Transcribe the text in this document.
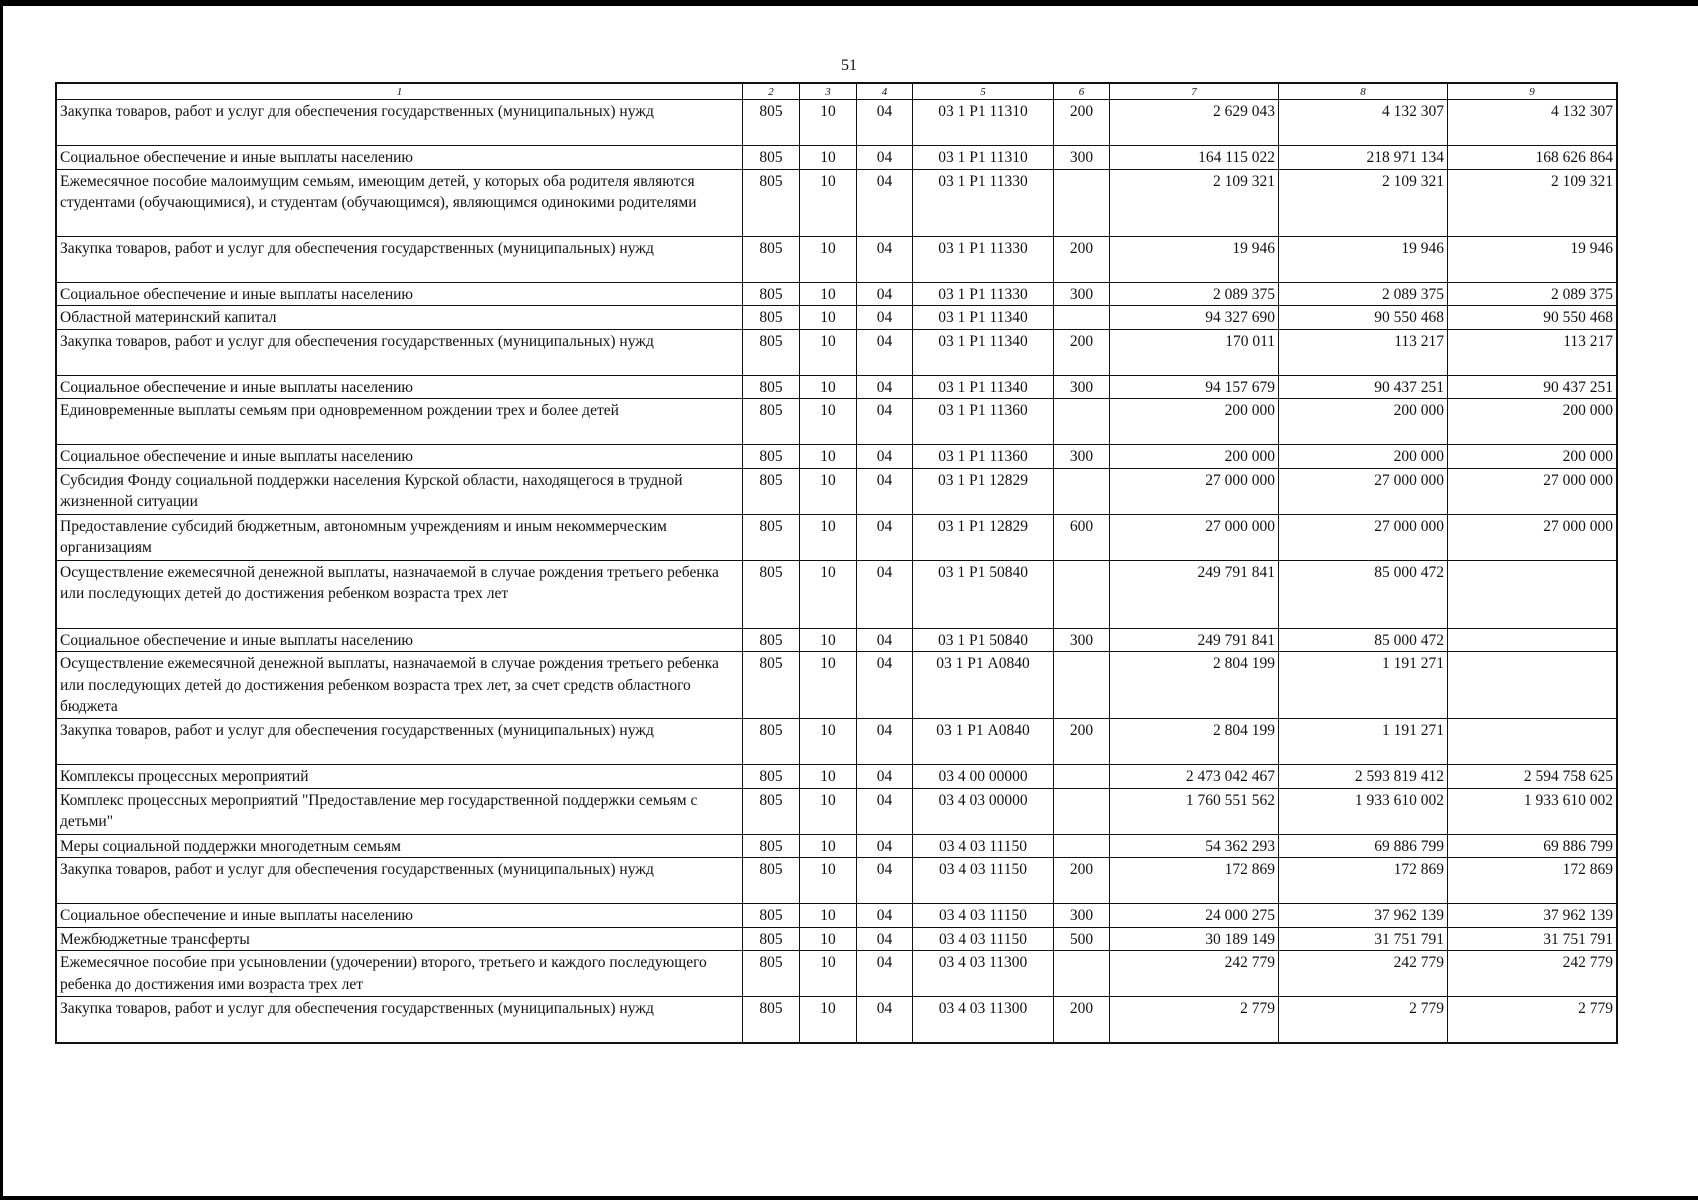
51
1	2	3	4	5	6	7	8	9
Закупка товаров, работ и услуг для обеспечения государственных (муниципальных) нужд	805	10	04	03 1 Р1 11310	200	2 629 043	4 132 307	4 132 307
Социальное обеспечение и иные выплаты населению	805	10	04	03 1 Р1 11310	300	164 115 022	218 971 134	168 626 864
Ежемесячное пособие малоимущим семьям, имеющим детей, у которых оба родителя являются студентами (обучающимися), и студентам (обучающимся), являющимся одинокими родителями	805	10	04	03 1 Р1 11330		2 109 321	2 109 321	2 109 321
Закупка товаров, работ и услуг для обеспечения государственных (муниципальных) нужд	805	10	04	03 1 Р1 11330	200	19 946	19 946	19 946
Социальное обеспечение и иные выплаты населению	805	10	04	03 1 Р1 11330	300	2 089 375	2 089 375	2 089 375
Областной материнский капитал	805	10	04	03 1 Р1 11340		94 327 690	90 550 468	90 550 468
Закупка товаров, работ и услуг для обеспечения государственных (муниципальных) нужд	805	10	04	03 1 Р1 11340	200	170 011	113 217	113 217
Социальное обеспечение и иные выплаты населению	805	10	04	03 1 Р1 11340	300	94 157 679	90 437 251	90 437 251
Единовременные выплаты семьям при одновременном рождении трех и более детей	805	10	04	03 1 Р1 11360		200 000	200 000	200 000
Социальное обеспечение и иные выплаты населению	805	10	04	03 1 Р1 11360	300	200 000	200 000	200 000
Субсидия Фонду социальной поддержки населения Курской области, находящегося в трудной жизненной ситуации	805	10	04	03 1 Р1 12829		27 000 000	27 000 000	27 000 000
Предоставление субсидий бюджетным, автономным учреждениям и иным некоммерческим организациям	805	10	04	03 1 Р1 12829	600	27 000 000	27 000 000	27 000 000
Осуществление ежемесячной денежной выплаты, назначаемой в случае рождения третьего ребенка или последующих детей до достижения ребенком возраста трех лет	805	10	04	03 1 Р1 50840		249 791 841	85 000 472	
Социальное обеспечение и иные выплаты населению	805	10	04	03 1 Р1 50840	300	249 791 841	85 000 472	
Осуществление ежемесячной денежной выплаты, назначаемой в случае рождения третьего ребенка или последующих детей до достижения ребенком возраста трех лет, за счет средств областного бюджета	805	10	04	03 1 Р1 А0840		2 804 199	1 191 271	
Закупка товаров, работ и услуг для обеспечения государственных (муниципальных) нужд	805	10	04	03 1 Р1 А0840	200	2 804 199	1 191 271	
Комплексы процессных мероприятий	805	10	04	03 4 00 00000		2 473 042 467	2 593 819 412	2 594 758 625
Комплекс процессных мероприятий "Предоставление мер государственной поддержки семьям с детьми"	805	10	04	03 4 03 00000		1 760 551 562	1 933 610 002	1 933 610 002
Меры социальной поддержки многодетным семьям	805	10	04	03 4 03 11150		54 362 293	69 886 799	69 886 799
Закупка товаров, работ и услуг для обеспечения государственных (муниципальных) нужд	805	10	04	03 4 03 11150	200	172 869	172 869	172 869
Социальное обеспечение и иные выплаты населению	805	10	04	03 4 03 11150	300	24 000 275	37 962 139	37 962 139
Межбюджетные трансферты	805	10	04	03 4 03 11150	500	30 189 149	31 751 791	31 751 791
Ежемесячное пособие при усыновлении (удочерении) второго, третьего и каждого последующего ребенка до достижения ими возраста трех лет	805	10	04	03 4 03 11300		242 779	242 779	242 779
Закупка товаров, работ и услуг для обеспечения государственных (муниципальных) нужд	805	10	04	03 4 03 11300	200	2 779	2 779	2 779
